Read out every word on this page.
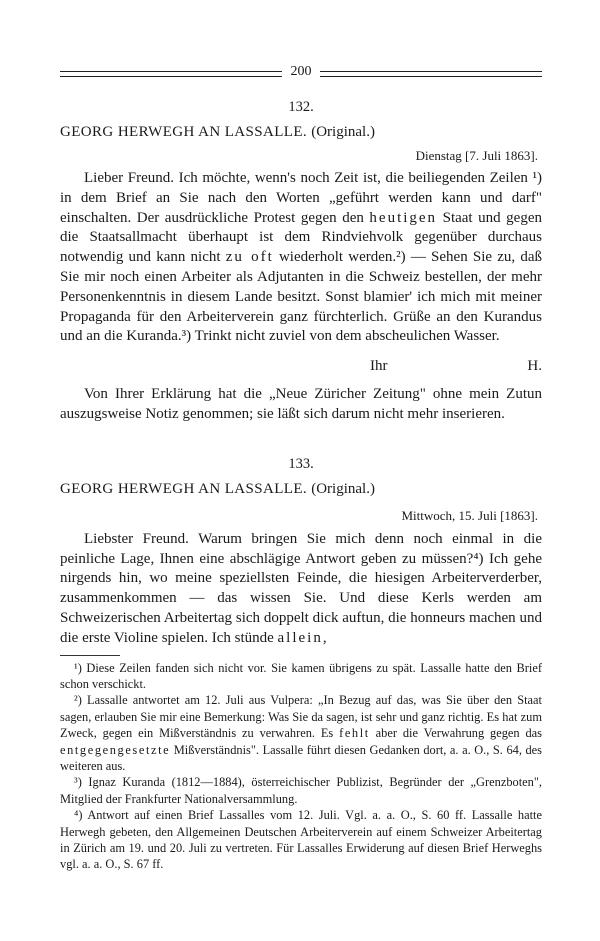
200
132.

GEORG HERWEGH AN LASSALLE. (Original.)

Dienstag [7. Juli 1863].

Lieber Freund. Ich möchte, wenn's noch Zeit ist, die beiliegenden Zeilen ¹) in dem Brief an Sie nach den Worten „geführt werden kann und darf" einschalten. Der ausdrückliche Protest gegen den heutigen Staat und gegen die Staatsallmacht überhaupt ist dem Rindviehvolk gegenüber durchaus notwendig und kann nicht zu oft wiederholt werden.²) — Sehen Sie zu, daß Sie mir noch einen Arbeiter als Adjutanten in die Schweiz bestellen, der mehr Personenkenntnis in diesem Lande besitzt. Sonst blamier' ich mich mit meiner Propaganda für den Arbeiterverein ganz fürchterlich. Grüße an den Kurandus und an die Kuranda.³) Trinkt nicht zuviel von dem abscheulichen Wasser.

Ihr	H.

Von Ihrer Erklärung hat die „Neue Züricher Zeitung" ohne mein Zutun auszugsweise Notiz genommen; sie läßt sich darum nicht mehr inserieren.

133.

GEORG HERWEGH AN LASSALLE. (Original.)

Mittwoch, 15. Juli [1863].

Liebster Freund. Warum bringen Sie mich denn noch einmal in die peinliche Lage, Ihnen eine abschlägige Antwort geben zu müssen?⁴) Ich gehe nirgends hin, wo meine speziellsten Feinde, die hiesigen Arbeiterverderber, zusammenkommen — das wissen Sie. Und diese Kerls werden am Schweizerischen Arbeitertag sich doppelt dick auftun, die honneurs machen und die erste Violine spielen. Ich stünde allein,

¹) Diese Zeilen fanden sich nicht vor. Sie kamen übrigens zu spät. Lassalle hatte den Brief schon verschickt.

²) Lassalle antwortet am 12. Juli aus Vulpera: „In Bezug auf das, was Sie über den Staat sagen, erlauben Sie mir eine Bemerkung: Was Sie da sagen, ist sehr und ganz richtig. Es hat zum Zweck, gegen ein Mißverständnis zu verwahren. Es fehlt aber die Verwahrung gegen das entgegengesetzte Mißverständnis". Lassalle führt diesen Gedanken dort, a. a. O., S. 64, des weiteren aus.

³) Ignaz Kuranda (1812—1884), österreichischer Publizist, Begründer der „Grenzboten", Mitglied der Frankfurter Nationalversammlung.

⁴) Antwort auf einen Brief Lassalles vom 12. Juli. Vgl. a. a. O., S. 60 ff. Lassalle hatte Herwegh gebeten, den Allgemeinen Deutschen Arbeiterverein auf einem Schweizer Arbeitertag in Zürich am 19. und 20. Juli zu vertreten. Für Lassalles Erwiderung auf diesen Brief Herweghs vgl. a. a. O., S. 67 ff.
